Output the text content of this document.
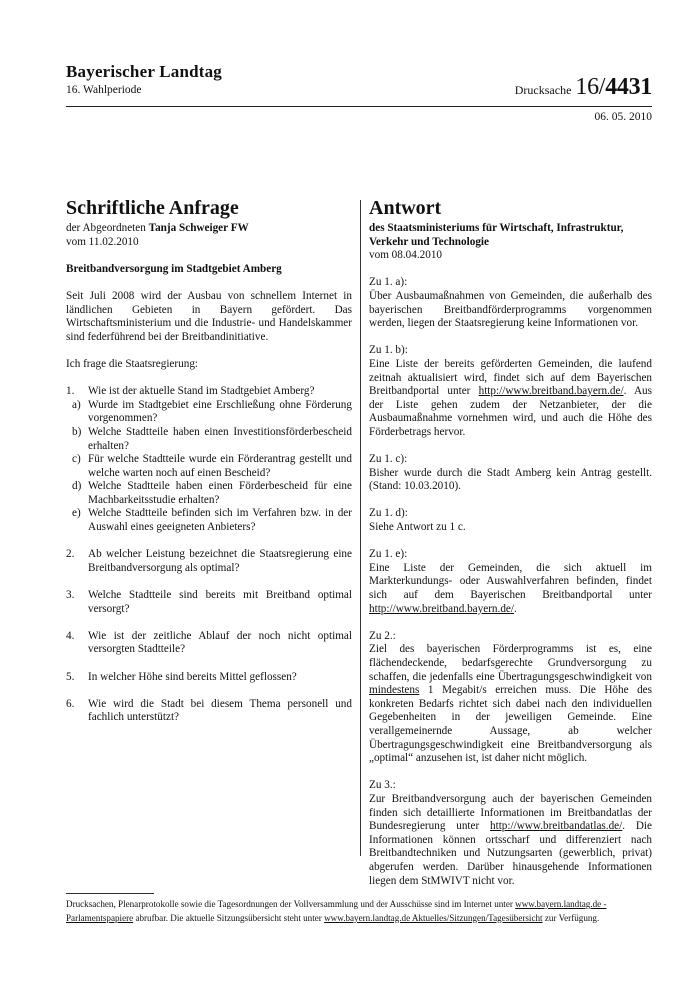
Bayerischer Landtag
16. Wahlperiode	Drucksache 16/4431
06. 05. 2010
Schriftliche Anfrage

der Abgeordneten Tanja Schweiger FW

vom 11.02.2010

Breitbandversorgung im Stadtgebiet Amberg

Seit Juli 2008 wird der Ausbau von schnellem Internet in ländlichen Gebieten in Bayern gefördert. Das Wirtschaftsministerium und die Industrie- und Handelskammer sind federführend bei der Breitbandinitiative.

Ich frage die Staatsregierung:

1.	Wie ist der aktuelle Stand im Stadtgebiet Amberg?
a) Wurde im Stadtgebiet eine Erschließung ohne Förderung vorgenommen?
b) Welche Stadtteile haben einen Investitionsförderbescheid erhalten?
c) Für welche Stadtteile wurde ein Förderantrag gestellt und welche warten noch auf einen Bescheid?
d) Welche Stadtteile haben einen Förderbescheid für eine Machbarkeitsstudie erhalten?
e) Welche Stadtteile befinden sich im Verfahren bzw. in der Auswahl eines geeigneten Anbieters?
2.	Ab welcher Leistung bezeichnet die Staatsregierung eine Breitbandversorgung als optimal?
3.	Welche Stadtteile sind bereits mit Breitband optimal versorgt?
4.	Wie ist der zeitliche Ablauf der noch nicht optimal versorgten Stadtteile?
5.	In welcher Höhe sind bereits Mittel geflossen?
6.	Wie wird die Stadt bei diesem Thema personell und fachlich unterstützt?
Antwort

des Staatsministeriums für Wirtschaft, Infrastruktur, Verkehr und Technologie

vom 08.04.2010

Zu 1. a):

Über Ausbaumaßnahmen von Gemeinden, die außerhalb des bayerischen Breitbandförderprogramms vorgenommen werden, liegen der Staatsregierung keine Informationen vor.

Zu 1. b):

Eine Liste der bereits geförderten Gemeinden, die laufend zeitnah aktualisiert wird, findet sich auf dem Bayerischen Breitbandportal unter http://www.breitband.bayern.de/. Aus der Liste gehen zudem der Netzanbieter, der die Ausbaumaßnahme vornehmen wird, und auch die Höhe des Förderbetrags hervor.

Zu 1. c):

Bisher wurde durch die Stadt Amberg kein Antrag gestellt. (Stand: 10.03.2010).

Zu 1. d):

Siehe Antwort zu 1 c.

Zu 1. e):

Eine Liste der Gemeinden, die sich aktuell im Markterkundungs- oder Auswahlverfahren befinden, findet sich auf dem Bayerischen Breitbandportal unter http://www.breitband.bayern.de/.

Zu 2.:

Ziel des bayerischen Förderprogramms ist es, eine flächendeckende, bedarfsgerechte Grundversorgung zu schaffen, die jedenfalls eine Übertragungsgeschwindigkeit von mindestens 1 Megabit/s erreichen muss. Die Höhe des konkreten Bedarfs richtet sich dabei nach den individuellen Gegebenheiten in der jeweiligen Gemeinde. Eine verallgemeinernde Aussage, ab welcher Übertragungsgeschwindigkeit eine Breitbandversorgung als „optimal“ anzusehen ist, ist daher nicht möglich.

Zu 3.:

Zur Breitbandversorgung auch der bayerischen Gemeinden finden sich detaillierte Informationen im Breitbandatlas der Bundesregierung unter http://www.breitbandatlas.de/. Die Informationen können ortsscharf und differenziert nach Breitbandtechniken und Nutzungsarten (gewerblich, privat) abgerufen werden. Darüber hinausgehende Informationen liegen dem StMWIVT nicht vor.

Drucksachen, Plenarprotokolle sowie die Tagesordnungen der Vollversammlung und der Ausschüsse sind im Internet unter www.bayern.landtag.de - Parlamentspapiere abrufbar. Die aktuelle Sitzungsübersicht steht unter www.bayern.landtag.de Aktuelles/Sitzungen/Tagesübersicht zur Verfügung.
